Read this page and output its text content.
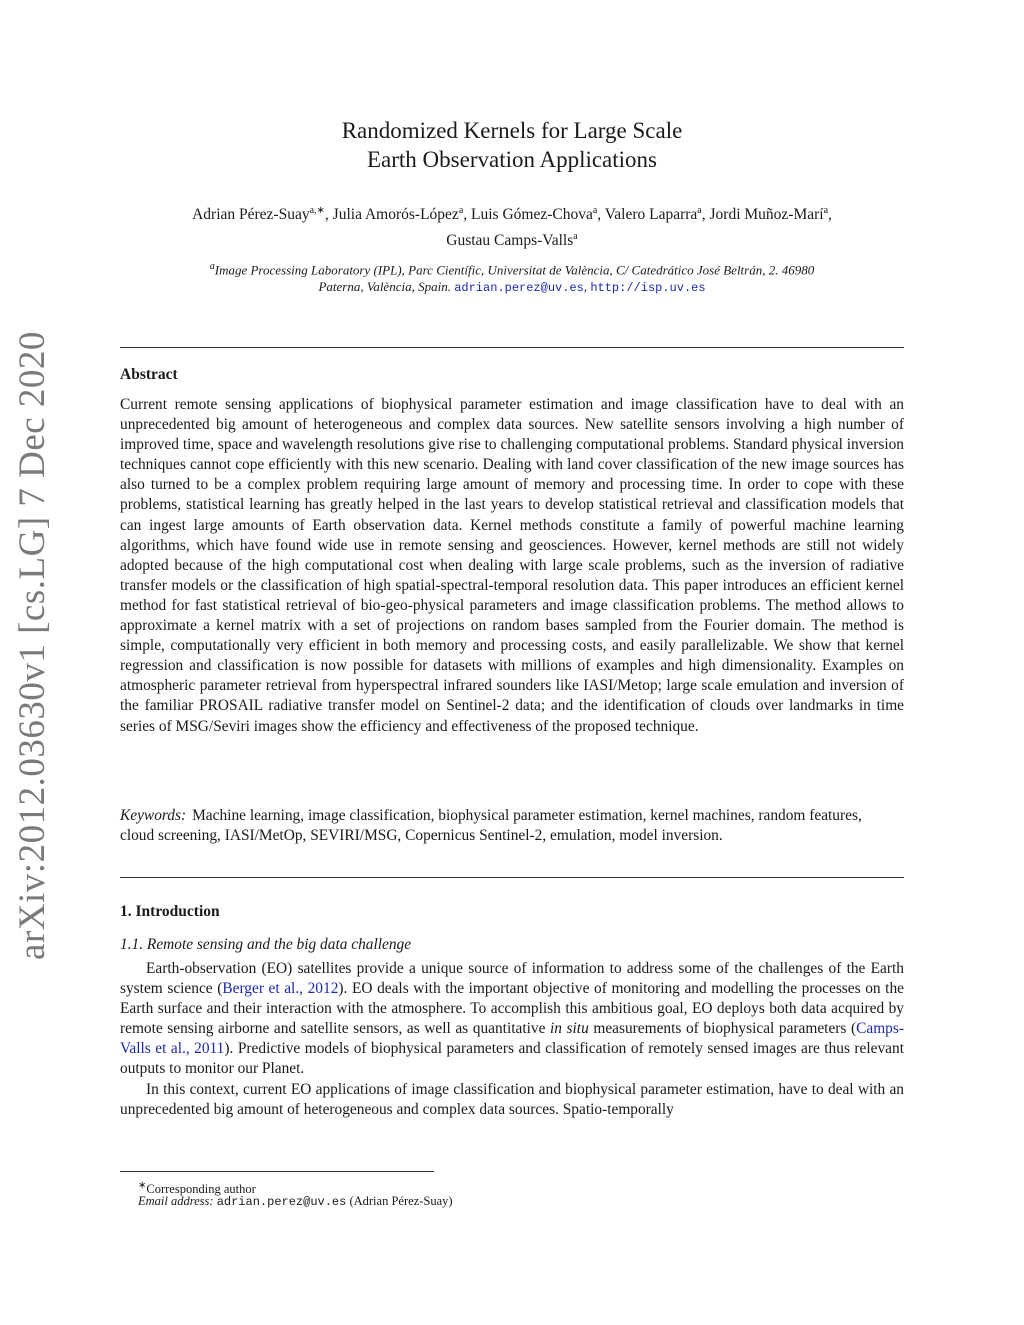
arXiv:2012.03630v1 [cs.LG] 7 Dec 2020
Randomized Kernels for Large Scale
Earth Observation Applications
Adrian Pérez-Suay$^{a,∗}$, Julia Amorós-López$^a$, Luis Gómez-Chova$^a$, Valero Laparra$^a$, Jordi Muñoz-Marí$^a$,
Gustau Camps-Valls$^a$
$^a$Image Processing Laboratory (IPL), Parc Científic, Universitat de València, C/ Catedrático José Beltrán, 2. 46980
Paterna, València, Spain. adrian.perez@uv.es, http://isp.uv.es
Abstract
Current remote sensing applications of biophysical parameter estimation and image classification have to deal with an unprecedented big amount of heterogeneous and complex data sources. New satellite sensors involving a high number of improved time, space and wavelength resolutions give rise to challenging computational problems. Standard physical inversion techniques cannot cope efficiently with this new scenario. Dealing with land cover classification of the new image sources has also turned to be a complex problem requiring large amount of memory and processing time. In order to cope with these problems, statistical learning has greatly helped in the last years to develop statistical retrieval and classification models that can ingest large amounts of Earth observation data. Kernel methods constitute a family of powerful machine learning algorithms, which have found wide use in remote sensing and geosciences. However, kernel methods are still not widely adopted because of the high computational cost when dealing with large scale problems, such as the inversion of radiative transfer models or the classification of high spatial-spectral-temporal resolution data. This paper introduces an efficient kernel method for fast statistical retrieval of bio-geo-physical parameters and image classification problems. The method allows to approximate a kernel matrix with a set of projections on random bases sampled from the Fourier domain. The method is simple, computationally very efficient in both memory and processing costs, and easily parallelizable. We show that kernel regression and classification is now possible for datasets with millions of examples and high dimensionality. Examples on atmospheric parameter retrieval from hyperspectral infrared sounders like IASI/Metop; large scale emulation and inversion of the familiar PROSAIL radiative transfer model on Sentinel-2 data; and the identification of clouds over landmarks in time series of MSG/Seviri images show the efficiency and effectiveness of the proposed technique.
Keywords: Machine learning, image classification, biophysical parameter estimation, kernel machines, random features, cloud screening, IASI/MetOp, SEVIRI/MSG, Copernicus Sentinel-2, emulation, model inversion.
1. Introduction
1.1. Remote sensing and the big data challenge

Earth-observation (EO) satellites provide a unique source of information to address some of the challenges of the Earth system science (Berger et al., 2012). EO deals with the important objective of monitoring and modelling the processes on the Earth surface and their interaction with the atmosphere. To accomplish this ambitious goal, EO deploys both data acquired by remote sensing airborne and satellite sensors, as well as quantitative in situ measurements of biophysical parameters (Camps-Valls et al., 2011). Predictive models of biophysical parameters and classification of remotely sensed images are thus relevant outputs to monitor our Planet.

In this context, current EO applications of image classification and biophysical parameter estimation, have to deal with an unprecedented big amount of heterogeneous and complex data sources. Spatio-temporally

∗Corresponding author
Email address: adrian.perez@uv.es (Adrian Pérez-Suay)
